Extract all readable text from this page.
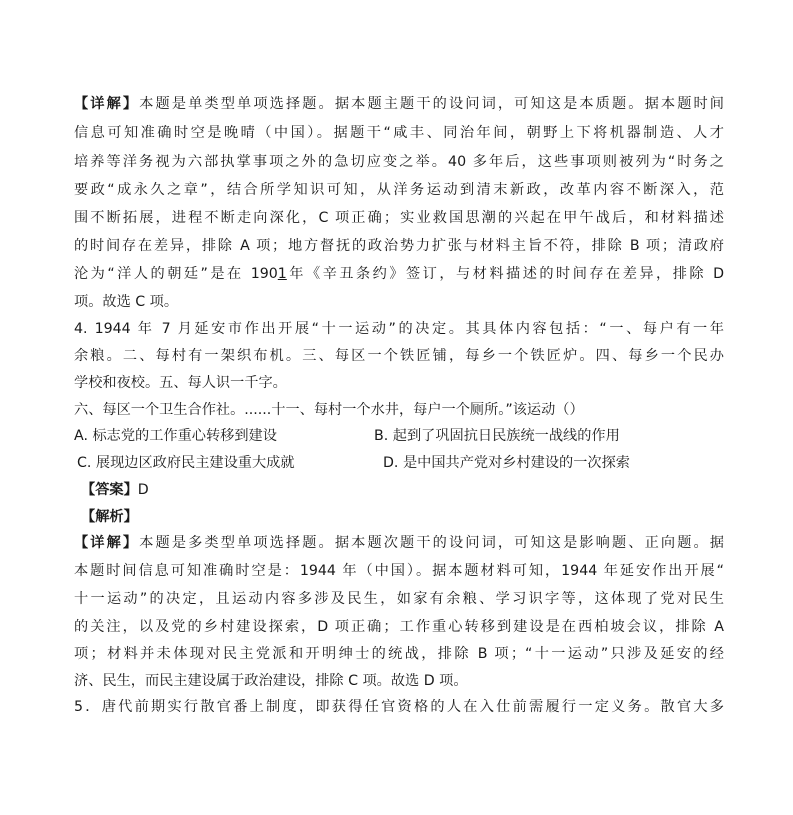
【详解】本题是单类型单项选择题。据本题主题干的设问词，可知这是本质题。据本题时间
信息可知准确时空是晚晴（中国）。据题干“咸丰、同治年间，朝野上下将机器制造、人才
培养等洋务视为六部执掌事项之外的急切应变之举。40 多年后，这些事项则被列为“时务之
要政“成永久之章”，结合所学知识可知，从洋务运动到清末新政，改革内容不断深入，范
围不断拓展，进程不断走向深化，C 项正确；实业救国思潮的兴起在甲午战后，和材料描述
的时间存在差异，排除 A 项；地方督抚的政治势力扩张与材料主旨不符，排除 B 项；清政府
沦为“洋人的朝廷”是在 1901年《辛丑条约》签订，与材料描述的时间存在差异，排除 D
项。故选 C 项。
4. 1944 年 7 月延安市作出开展“十一运动”的决定。其具体内容包括：“一、每户有一年
余粮。二、每村有一架织布机。三、每区一个铁匠铺，每乡一个铁匠炉。四、每乡一个民办
学校和夜校。五、每人识一千字。
六、每区一个卫生合作社。......十一、每村一个水井，每户一个厕所。”该运动（）
A. 标志党的工作重心转移到建设	B. 起到了巩固抗日民族统一战线的作用
C. 展现边区政府民主建设重大成就	D. 是中国共产党对乡村建设的一次探索
【答案】D
【解析】
【详解】本题是多类型单项选择题。据本题次题干的设问词，可知这是影响题、正向题。据
本题时间信息可知准确时空是：1944 年（中国）。据本题材料可知，1944 年延安作出开展“
十一运动”的决定，且运动内容多涉及民生，如家有余粮、学习识字等，这体现了党对民生
的关注，以及党的乡村建设探索，D 项正确；工作重心转移到建设是在西柏坡会议，排除 A
项；材料并未体现对民主党派和开明绅士的统战，排除 B 项；“十一运动”只涉及延安的经
济、民生，而民主建设属于政治建设，排除 C 项。故选 D 项。
5．唐代前期实行散官番上制度，即获得任官资格的人在入仕前需履行一定义务。散官大多
